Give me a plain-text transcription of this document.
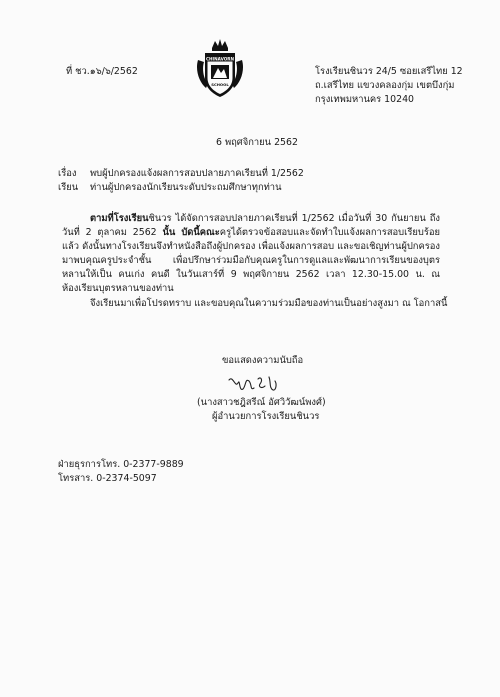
ที่ ชว.๑๖/๖/2562
CHINAVORN
SCHOOL
โรงเรียนชินวร 24/5 ซอยเสรีไทย 12
ถ.เสรีไทย แขวงคลองกุ่ม เขตบึงกุ่ม
กรุงเทพมหานคร 10240
6 พฤศจิกายน 2562
เรื่อง พบผู้ปกครองแจ้งผลการสอบปลายภาคเรียนที่ 1/2562
เรียน ท่านผู้ปกครองนักเรียนระดับประถมศึกษาทุกท่าน
ตามที่โรงเรียนชินวร ได้จัดการสอบปลายภาคเรียนที่ 1/2562 เมื่อวันที่ 30 กันยายน ถึงวันที่ 2 ตุลาคม 2562 นั้น บัดนี้คณะครูได้ตรวจข้อสอบและจัดทำใบแจ้งผลการสอบเรียบร้อยแล้ว ดังนั้นทางโรงเรียนจึงทำหนังสือถึงผู้ปกครอง เพื่อแจ้งผลการสอบ และขอเชิญท่านผู้ปกครองมาพบคุณครูประจำชั้น เพื่อปรึกษาร่วมมือกับคุณครูในการดูแลและพัฒนาการเรียนของบุตรหลานให้เป็น คนเก่ง คนดี ในวันเสาร์ที่ 9 พฤศจิกายน 2562 เวลา 12.30-15.00 น. ณ ห้องเรียนบุตรหลานของท่าน
จึงเรียนมาเพื่อโปรดทราบ และขอบคุณในความร่วมมือของท่านเป็นอย่างสูงมา ณ โอกาสนี้
ขอแสดงความนับถือ
(นางสาวชฎิสรีณ์ อัศวิวัฒน์พงศ์)
ผู้อำนวยการโรงเรียนชินวร
ฝ่ายธุรการโทร. 0-2377-9889
โทรสาร. 0-2374-5097
